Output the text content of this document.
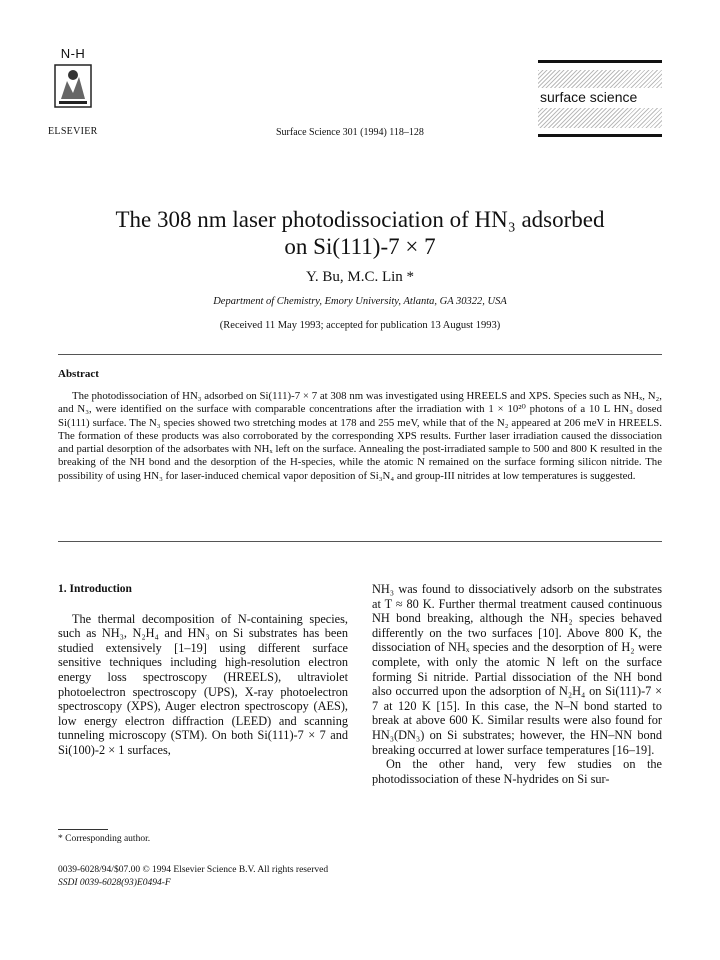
N-H
ELSEVIER	Surface Science 301 (1994) 118–128
surface science
The 308 nm laser photodissociation of HN₃ adsorbed
on Si(111)-7 × 7
Y. Bu, M.C. Lin *
Department of Chemistry, Emory University, Atlanta, GA 30322, USA
(Received 11 May 1993; accepted for publication 13 August 1993)
Abstract
The photodissociation of HN₃ adsorbed on Si(111)-7 × 7 at 308 nm was investigated using HREELS and XPS. Species such as NHₓ, N₂, and N₃, were identified on the surface with comparable concentrations after the irradiation with 1 × 10²⁰ photons of a 10 L HN₃ dosed Si(111) surface. The N₃ species showed two stretching modes at 178 and 255 meV, while that of the N₂ appeared at 206 meV in HREELS. The formation of these products was also corroborated by the corresponding XPS results. Further laser irradiation caused the dissociation and partial desorption of the adsorbates with NHₓ left on the surface. Annealing the post-irradiated sample to 500 and 800 K resulted in the breaking of the NH bond and the desorption of the H-species, while the atomic N remained on the surface forming silicon nitride. The possibility of using HN₃ for laser-induced chemical vapor deposition of Si₃N₄ and group-III nitrides at low temperatures is suggested.
1. Introduction

The thermal decomposition of N-containing species, such as NH₃, N₂H₄ and HN₃ on Si substrates has been studied extensively [1–19] using different surface sensitive techniques including high-resolution electron energy loss spectroscopy (HREELS), ultraviolet photoelectron spectroscopy (UPS), X-ray photoelectron spectroscopy (XPS), Auger electron spectroscopy (AES), low energy electron diffraction (LEED) and scanning tunneling microscopy (STM). On both Si(111)-7 × 7 and Si(100)-2 × 1 surfaces,

* Corresponding author.

NH₃ was found to dissociatively adsorb on the substrates at T ≈ 80 K. Further thermal treatment caused continuous NH bond breaking, although the NH₂ species behaved differently on the two surfaces [10]. Above 800 K, the dissociation of NHₓ species and the desorption of H₂ were complete, with only the atomic N left on the surface forming Si nitride. Partial dissociation of the NH bond also occurred upon the adsorption of N₂H₄ on Si(111)-7 × 7 at 120 K [15]. In this case, the N–N bond started to break at above 600 K. Similar results were also found for HN₃(DN₃) on Si substrates; however, the HN–NN bond breaking occurred at lower surface temperatures [16–19].

On the other hand, very few studies on the photodissociation of these N-hydrides on Si sur-

0039-6028/94/$07.00 © 1994 Elsevier Science B.V. All rights reserved
SSDI 0039-6028(93)E0494-F
